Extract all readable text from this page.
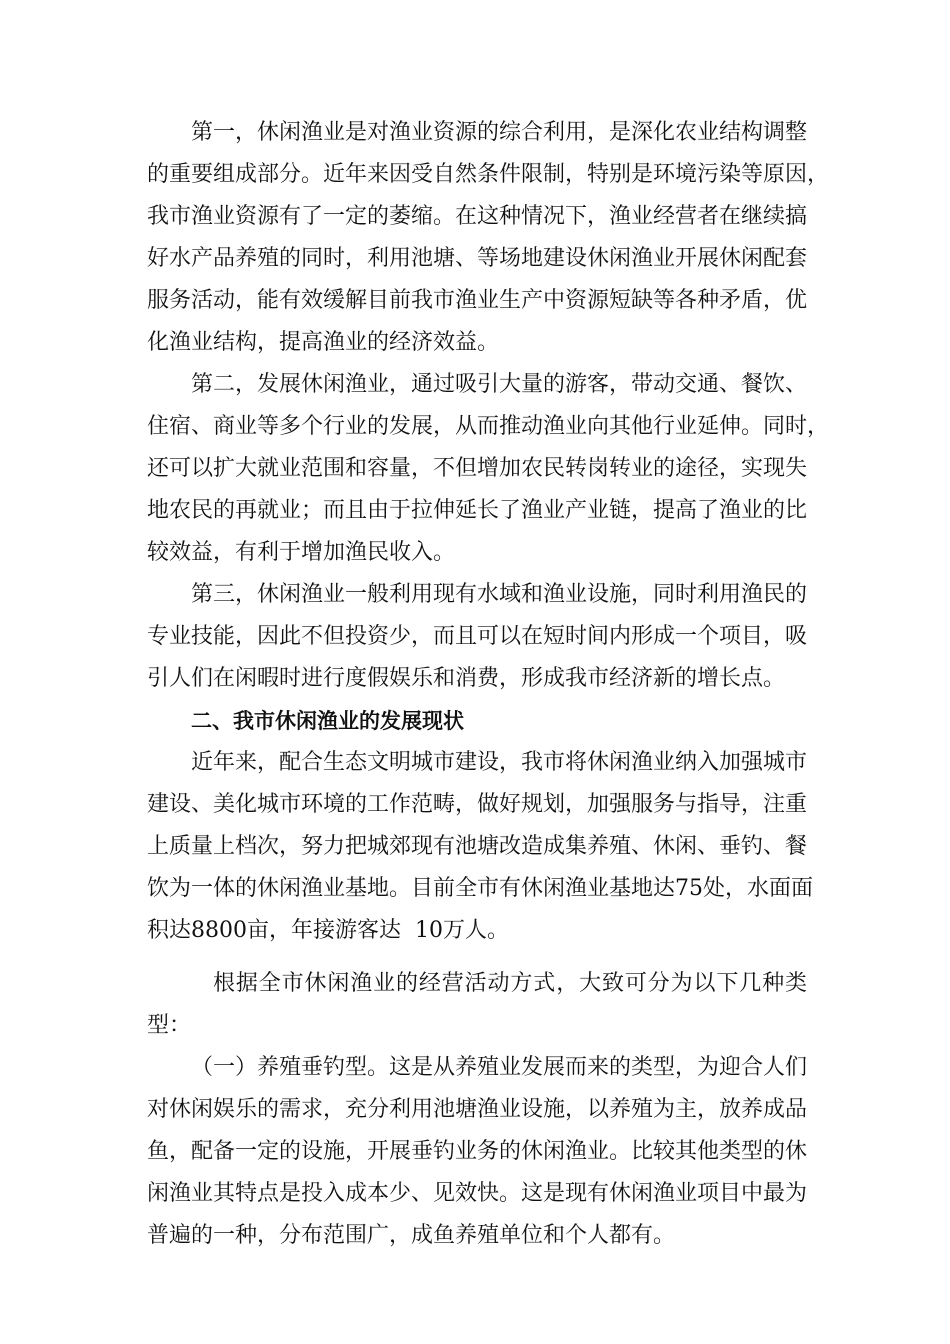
第一，休闲渔业是对渔业资源的综合利用，是深化农业结构调整
的重要组成部分。近年来因受自然条件限制，特别是环境污染等原因，
我市渔业资源有了一定的萎缩。在这种情况下，渔业经营者在继续搞
好水产品养殖的同时，利用池塘、等场地建设休闲渔业开展休闲配套
服务活动，能有效缓解目前我市渔业生产中资源短缺等各种矛盾，优
化渔业结构，提高渔业的经济效益。
第二，发展休闲渔业，通过吸引大量的游客，带动交通、餐饮、
住宿、商业等多个行业的发展，从而推动渔业向其他行业延伸。同时，
还可以扩大就业范围和容量，不但增加农民转岗转业的途径，实现失
地农民的再就业；而且由于拉伸延长了渔业产业链，提高了渔业的比
较效益，有利于增加渔民收入。
第三，休闲渔业一般利用现有水域和渔业设施，同时利用渔民的
专业技能，因此不但投资少，而且可以在短时间内形成一个项目，吸
引人们在闲暇时进行度假娱乐和消费，形成我市经济新的增长点。
二、我市休闲渔业的发展现状
近年来，配合生态文明城市建设，我市将休闲渔业纳入加强城市
建设、美化城市环境的工作范畴，做好规划，加强服务与指导，注重
上质量上档次，努力把城郊现有池塘改造成集养殖、休闲、垂钓、餐
饮为一体的休闲渔业基地。目前全市有休闲渔业基地达75处，水面面
积达8800亩，年接游客达  10万人。
根据全市休闲渔业的经营活动方式，大致可分为以下几种类
型：
（一）养殖垂钓型。这是从养殖业发展而来的类型，为迎合人们
对休闲娱乐的需求，充分利用池塘渔业设施，以养殖为主，放养成品
鱼，配备一定的设施，开展垂钓业务的休闲渔业。比较其他类型的休
闲渔业其特点是投入成本少、见效快。这是现有休闲渔业项目中最为
普遍的一种，分布范围广，成鱼养殖单位和个人都有。
